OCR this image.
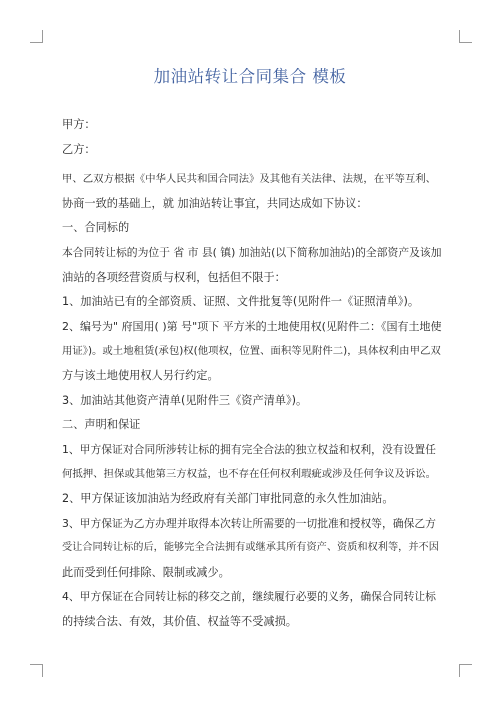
加油站转让合同集合 模板
甲方：
乙方：
甲、乙双方根据《中华人民共和国合同法》及其他有关法律、法规，在平等互利、
协商一致的基础上，就 加油站转让事宜，共同达成如下协议：
一、合同标的
本合同转让标的为位于 省 市 县( 镇) 加油站(以下简称加油站)的全部资产及该加
油站的各项经营资质与权利，包括但不限于：
1、加油站已有的全部资质、证照、文件批复等(见附件一《证照清单》)。
2、编号为" 府国用( )第 号"项下 平方米的土地使用权(见附件二：《国有土地使
用证》)。或土地租赁(承包)权(他项权，位置、面积等见附件二)，具体权利由甲乙双
方与该土地使用权人另行约定。
3、加油站其他资产清单(见附件三《资产清单》)。
二、声明和保证
1、甲方保证对合同所涉转让标的拥有完全合法的独立权益和权利，没有设置任
何抵押、担保或其他第三方权益，也不存在任何权利瑕疵或涉及任何争议及诉讼。
2、甲方保证该加油站为经政府有关部门审批同意的永久性加油站。
3、甲方保证为乙方办理并取得本次转让所需要的一切批准和授权等，确保乙方
受让合同转让标的后，能够完全合法拥有或继承其所有资产、资质和权利等，并不因
此而受到任何排除、限制或减少。
4、甲方保证在合同转让标的移交之前，继续履行必要的义务，确保合同转让标
的持续合法、有效，其价值、权益等不受减损。
